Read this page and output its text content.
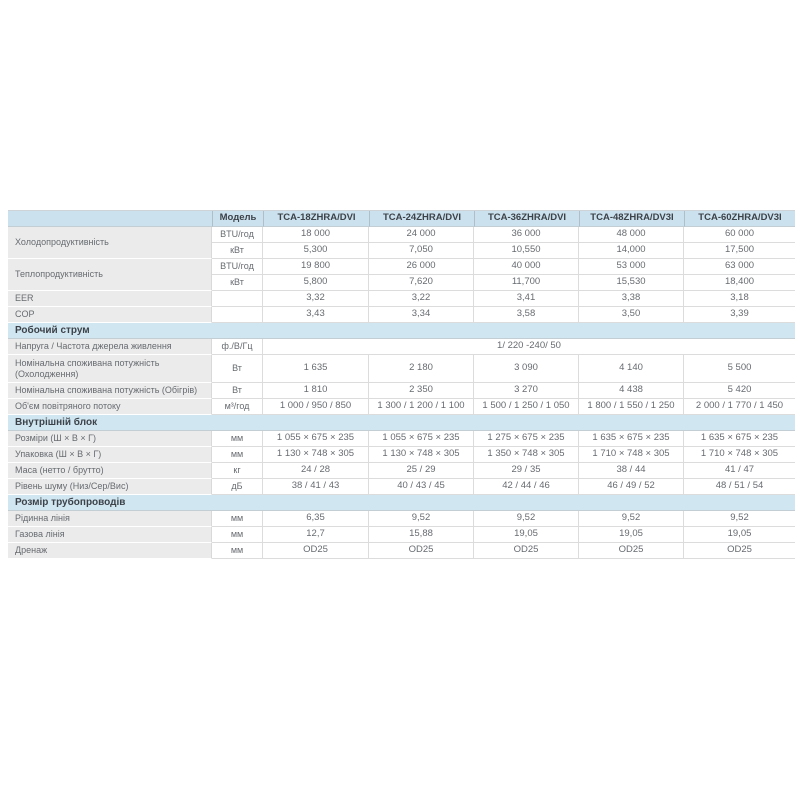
	Модель	TCA-18ZHRA/DVI	TCA-24ZHRA/DVI	TCA-36ZHRA/DVI	TCA-48ZHRA/DV3I	TCA-60ZHRA/DV3I
Холодопродуктивність	BTU/год	18 000	24 000	36 000	48 000	60 000
	кВт	5,300	7,050	10,550	14,000	17,500
Теплопродуктивність	BTU/год	19 800	26 000	40 000	53 000	63 000
	кВт	5,800	7,620	11,700	15,530	18,400
EER		3,32	3,22	3,41	3,38	3,18
COP		3,43	3,34	3,58	3,50	3,39
Робочий струм						
Напруга / Частота джерела живлення	ф./В/Гц	1/ 220 -240/ 50				
Номінальна споживана потужність (Охолодження)	Вт	1 635	2 180	3 090	4 140	5 500
Номінальна споживана потужність (Обігрів)	Вт	1 810	2 350	3 270	4 438	5 420
Об'єм повітряного потоку	м³/год	1 000 / 950 / 850	1 300 / 1 200 / 1 100	1 500 / 1 250 / 1 050	1 800 / 1 550 / 1 250	2 000 / 1 770 / 1 450
Внутрішній блок						
Розміри (Ш × В × Г)	мм	1 055 × 675 × 235	1 055 × 675 × 235	1 275 × 675 × 235	1 635 × 675 × 235	1 635 × 675 × 235
Упаковка (Ш × В × Г)	мм	1 130 × 748 × 305	1 130 × 748 × 305	1 350 × 748 × 305	1 710 × 748 × 305	1 710 × 748 × 305
Маса (нетто / брутто)	кг	24 / 28	25 / 29	29 / 35	38 / 44	41 / 47
Рівень шуму (Низ/Сер/Вис)	дБ	38 / 41 / 43	40 / 43 / 45	42 / 44 / 46	46 / 49 / 52	48 / 51 / 54
Розмір трубопроводів						
Рідинна лінія	мм	6,35	9,52	9,52	9,52	9,52
Газова лінія	мм	12,7	15,88	19,05	19,05	19,05
Дренаж	мм	OD25	OD25	OD25	OD25	OD25
